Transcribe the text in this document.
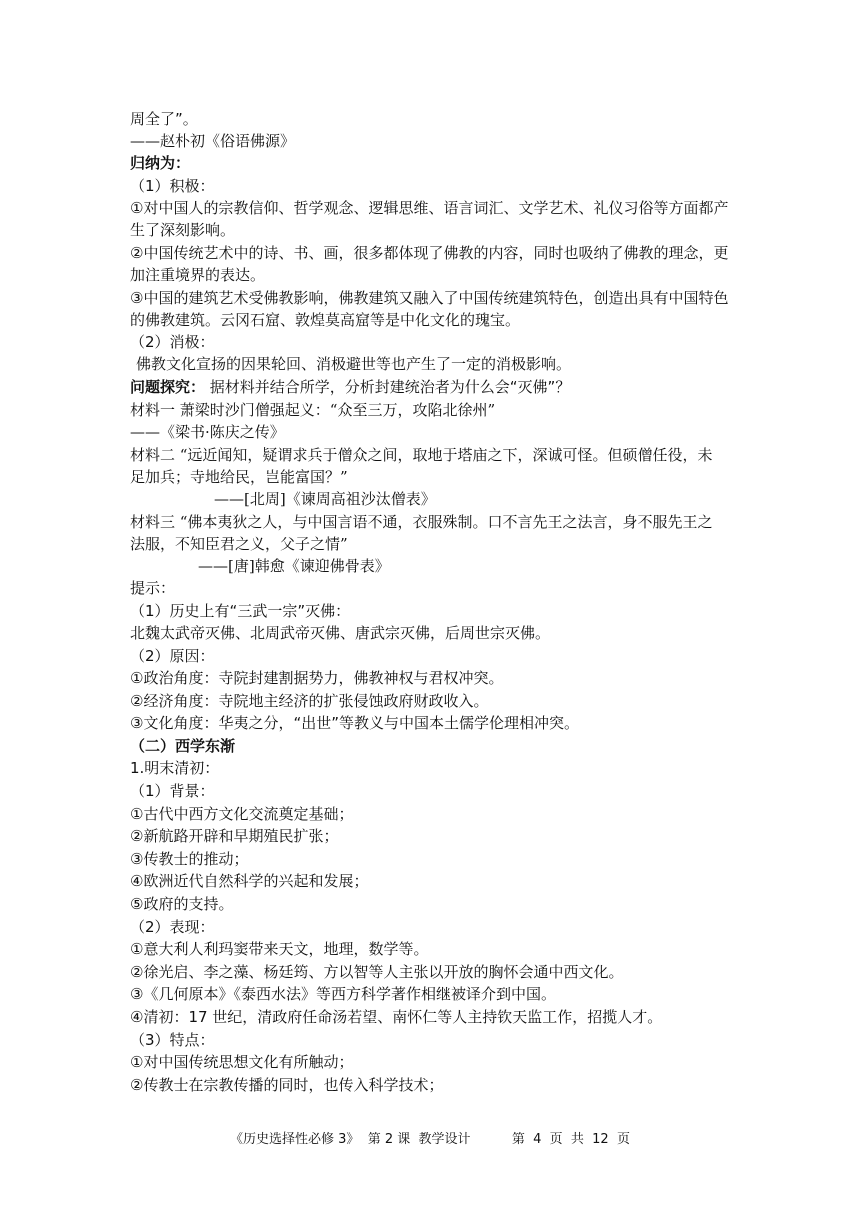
周全了”。
——赵朴初《俗语佛源》
归纳为：
（1）积极：
①对中国人的宗教信仰、哲学观念、逻辑思维、语言词汇、文学艺术、礼仪习俗等方面都产
生了深刻影响。
②中国传统艺术中的诗、书、画，很多都体现了佛教的内容，同时也吸纳了佛教的理念，更
加注重境界的表达。
③中国的建筑艺术受佛教影响，佛教建筑又融入了中国传统建筑特色，创造出具有中国特色
的佛教建筑。云冈石窟、敦煌莫高窟等是中化文化的瑰宝。
（2）消极：
佛教文化宣扬的因果轮回、消极避世等也产生了一定的消极影响。
问题探究： 据材料并结合所学，分析封建统治者为什么会“灭佛”？
材料一 萧梁时沙门僧强起义：“众至三万，攻陷北徐州”
——《梁书·陈庆之传》
材料二 “远近闻知，疑谓求兵于僧众之间，取地于塔庙之下，深诚可怪。但硕僧任役，未
足加兵；寺地给民，岂能富国？”
——[北周]《谏周高祖沙汰僧表》
材料三 “佛本夷狄之人，与中国言语不通，衣服殊制。口不言先王之法言，身不服先王之
法服，不知臣君之义，父子之情”
——[唐]韩愈《谏迎佛骨表》
提示：
（1）历史上有“三武一宗”灭佛：
北魏太武帝灭佛、北周武帝灭佛、唐武宗灭佛，后周世宗灭佛。
（2）原因：
①政治角度：寺院封建割据势力，佛教神权与君权冲突。
②经济角度：寺院地主经济的扩张侵蚀政府财政收入。
③文化角度：华夷之分，“出世”等教义与中国本土儒学伦理相冲突。
（二）西学东渐
1.明末清初：
（1）背景：
①古代中西方文化交流奠定基础；
②新航路开辟和早期殖民扩张；
③传教士的推动；
④欧洲近代自然科学的兴起和发展；
⑤政府的支持。
（2）表现：
①意大利人利玛窦带来天文，地理，数学等。
②徐光启、李之藻、杨廷筠、方以智等人主张以开放的胸怀会通中西文化。
③《几何原本》《泰西水法》等西方科学著作相继被译介到中国。
④清初：17 世纪，清政府任命汤若望、南怀仁等人主持钦天监工作，招揽人才。
（3）特点：
①对中国传统思想文化有所触动；
②传教士在宗教传播的同时，也传入科学技术；
《历史选择性必修 3》  第 2 课  教学设计          第  4  页  共  12  页
